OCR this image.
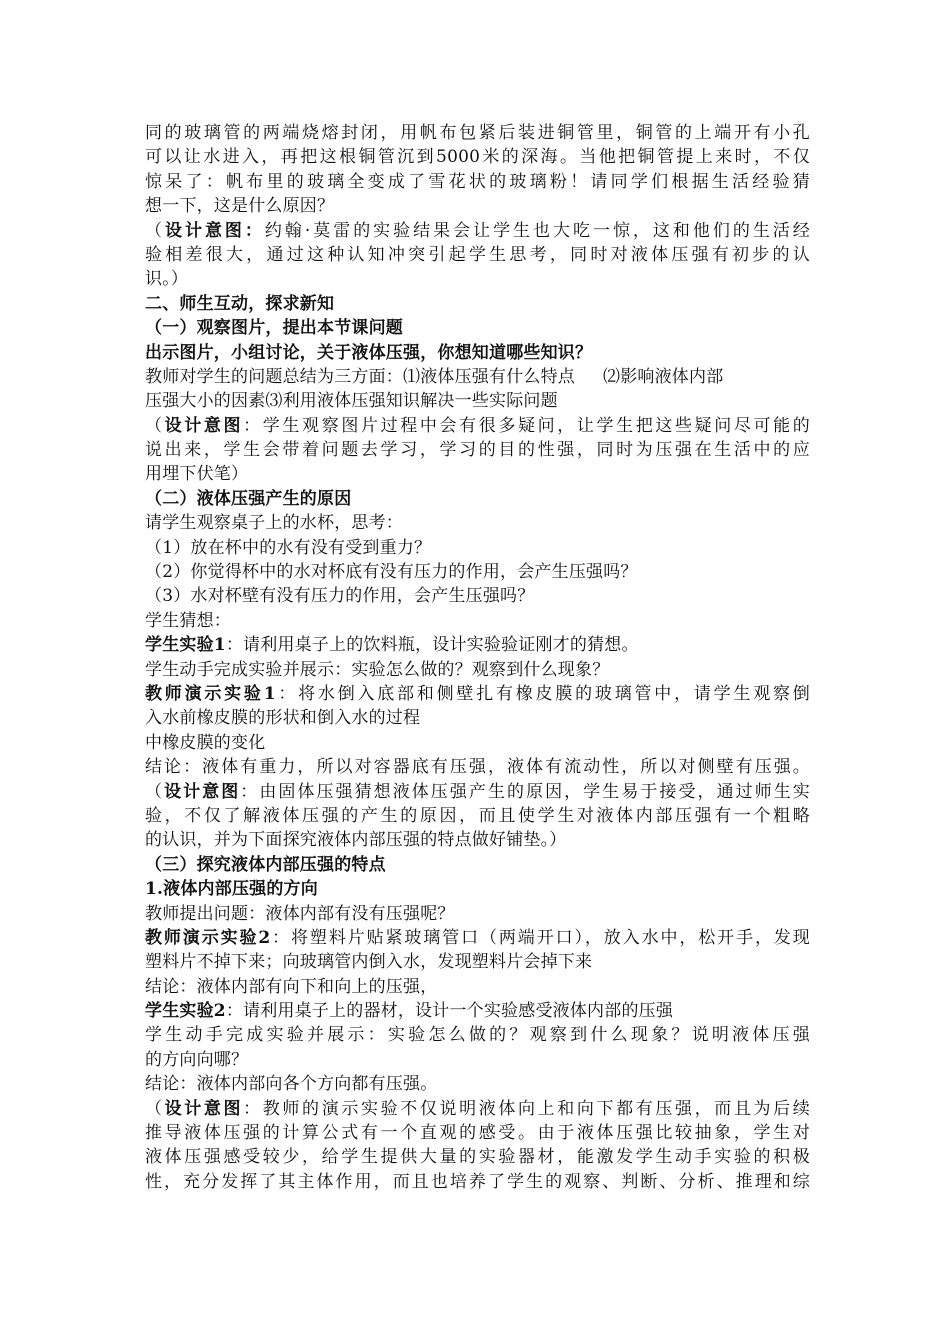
同的玻璃管的两端烧熔封闭，用帆布包紧后装进铜管里，铜管的上端开有小孔
可以让水进入，再把这根铜管沉到5000米的深海。当他把铜管提上来时，不仅
惊呆了：帆布里的玻璃全变成了雪花状的玻璃粉！请同学们根据生活经验猜
想一下，这是什么原因？
（设计意图：约翰·莫雷的实验结果会让学生也大吃一惊，这和他们的生活经
验相差很大，通过这种认知冲突引起学生思考，同时对液体压强有初步的认
识。）
二、师生互动，探求新知
（一）观察图片，提出本节课问题
出示图片，小组讨论，关于液体压强，你想知道哪些知识？
教师对学生的问题总结为三方面：⑴液体压强有什么特点 ⑵影响液体内部
压强大小的因素⑶利用液体压强知识解决一些实际问题
（设计意图：学生观察图片过程中会有很多疑问，让学生把这些疑问尽可能的
说出来，学生会带着问题去学习，学习的目的性强，同时为压强在生活中的应
用埋下伏笔）
（二）液体压强产生的原因
请学生观察桌子上的水杯，思考：
（1）放在杯中的水有没有受到重力？
（2）你觉得杯中的水对杯底有没有压力的作用，会产生压强吗？
（3）水对杯壁有没有压力的作用，会产生压强吗？
学生猜想：
学生实验1：请利用桌子上的饮料瓶，设计实验验证刚才的猜想。
学生动手完成实验并展示：实验怎么做的？观察到什么现象？
教师演示实验1：将水倒入底部和侧壁扎有橡皮膜的玻璃管中，请学生观察倒
入水前橡皮膜的形状和倒入水的过程
中橡皮膜的变化
结论：液体有重力，所以对容器底有压强，液体有流动性，所以对侧壁有压强。
（设计意图：由固体压强猜想液体压强产生的原因，学生易于接受，通过师生实
验，不仅了解液体压强的产生的原因，而且使学生对液体内部压强有一个粗略
的认识，并为下面探究液体内部压强的特点做好铺垫。）
（三）探究液体内部压强的特点
1.液体内部压强的方向
教师提出问题：液体内部有没有压强呢？
教师演示实验2：将塑料片贴紧玻璃管口（两端开口），放入水中，松开手，发现
塑料片不掉下来；向玻璃管内倒入水，发现塑料片会掉下来
结论：液体内部有向下和向上的压强，
学生实验2：请利用桌子上的器材，设计一个实验感受液体内部的压强
学生动手完成实验并展示：实验怎么做的？观察到什么现象？说明液体压强
的方向向哪？
结论：液体内部向各个方向都有压强。
（设计意图：教师的演示实验不仅说明液体向上和向下都有压强，而且为后续
推导液体压强的计算公式有一个直观的感受。由于液体压强比较抽象，学生对
液体压强感受较少，给学生提供大量的实验器材，能激发学生动手实验的积极
性，充分发挥了其主体作用，而且也培养了学生的观察、判断、分析、推理和综
